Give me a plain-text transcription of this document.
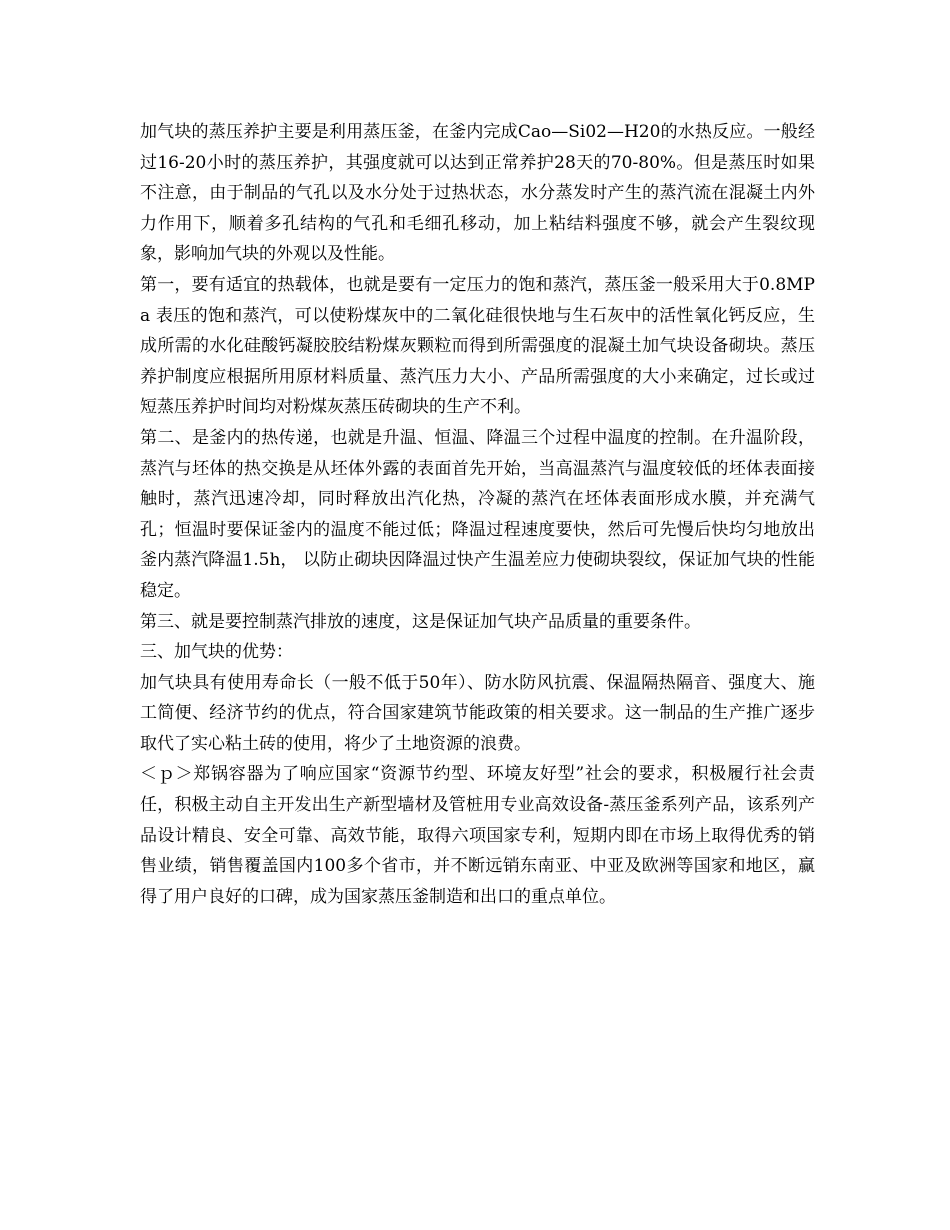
加气块的蒸压养护主要是利用蒸压釜，在釜内完成Cao—Si02—H20的水热反应。一般经过16-20小时的蒸压养护，其强度就可以达到正常养护28天的70-80%。但是蒸压时如果不注意，由于制品的气孔以及水分处于过热状态，水分蒸发时产生的蒸汽流在混凝土内外力作用下，顺着多孔结构的气孔和毛细孔移动，加上粘结料强度不够，就会产生裂纹现象，影响加气块的外观以及性能。

第一，要有适宜的热载体，也就是要有一定压力的饱和蒸汽，蒸压釜一般采用大于0.8MPa 表压的饱和蒸汽，可以使粉煤灰中的二氧化硅很快地与生石灰中的活性氧化钙反应，生成所需的水化硅酸钙凝胶胶结粉煤灰颗粒而得到所需强度的混凝土加气块设备砌块。蒸压养护制度应根据所用原材料质量、蒸汽压力大小、产品所需强度的大小来确定，过长或过短蒸压养护时间均对粉煤灰蒸压砖砌块的生产不利。

第二、是釜内的热传递，也就是升温、恒温、降温三个过程中温度的控制。在升温阶段，蒸汽与坯体的热交换是从坯体外露的表面首先开始，当高温蒸汽与温度较低的坯体表面接触时，蒸汽迅速冷却，同时释放出汽化热，冷凝的蒸汽在坯体表面形成水膜，并充满气孔；恒温时要保证釜内的温度不能过低；降温过程速度要快，然后可先慢后快均匀地放出釜内蒸汽降温1.5h， 以防止砌块因降温过快产生温差应力使砌块裂纹，保证加气块的性能稳定。

第三、就是要控制蒸汽排放的速度，这是保证加气块产品质量的重要条件。

三、加气块的优势：

加气块具有使用寿命长（一般不低于50年）、防水防风抗震、保温隔热隔音、强度大、施工简便、经济节约的优点，符合国家建筑节能政策的相关要求。这一制品的生产推广逐步取代了实心粘土砖的使用，将少了土地资源的浪费。

＜ｐ＞郑锅容器为了响应国家“资源节约型、环境友好型”社会的要求，积极履行社会责任，积极主动自主开发出生产新型墙材及管桩用专业高效设备-蒸压釜系列产品，该系列产品设计精良、安全可靠、高效节能，取得六项国家专利，短期内即在市场上取得优秀的销售业绩，销售覆盖国内100多个省市，并不断远销东南亚、中亚及欧洲等国家和地区，赢得了用户良好的口碑，成为国家蒸压釜制造和出口的重点单位。
